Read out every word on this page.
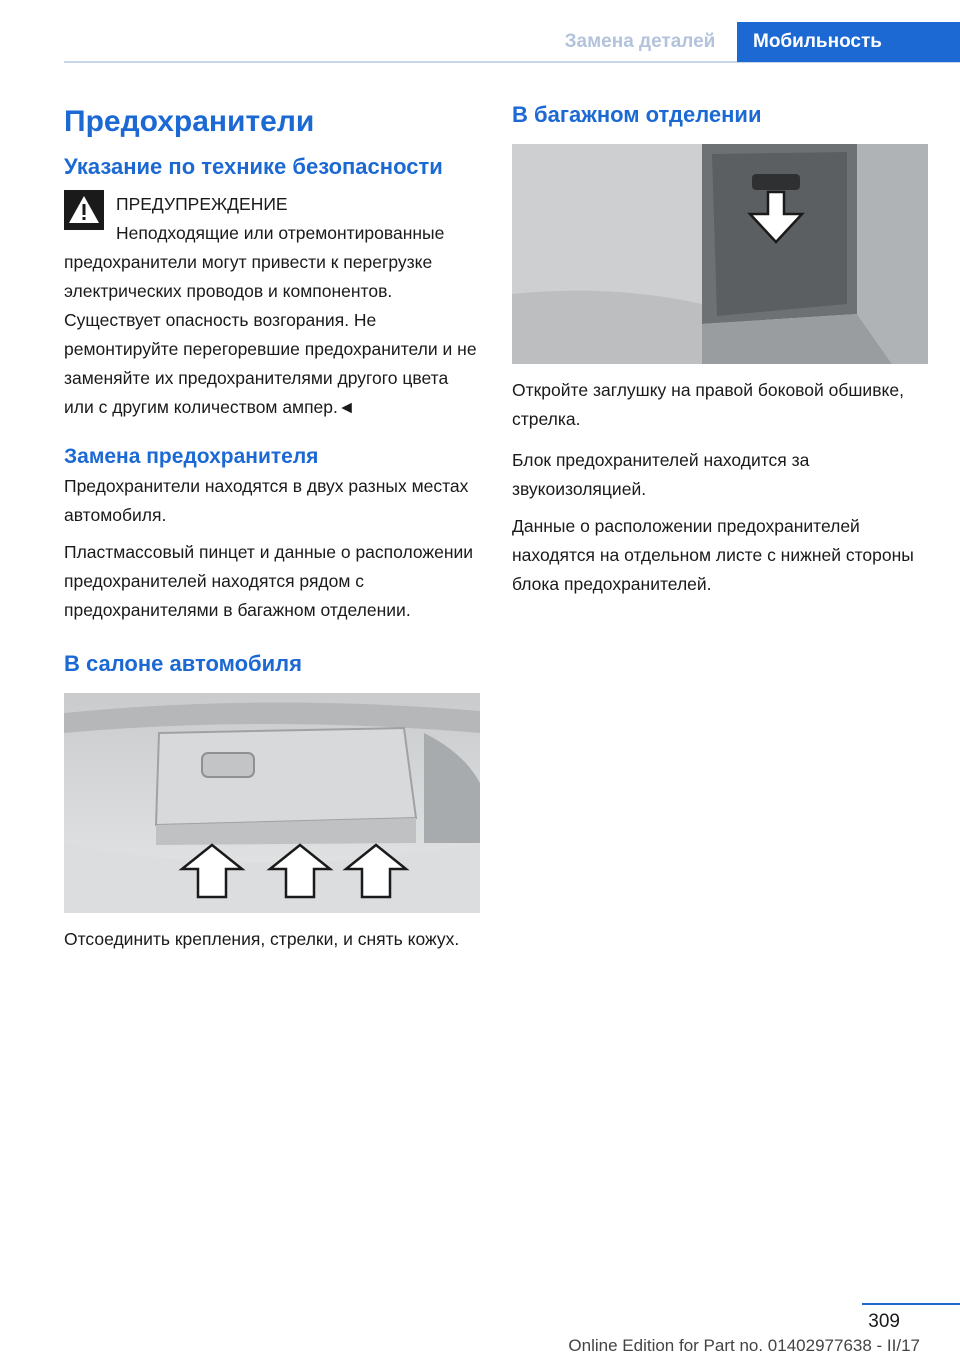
Замена деталей	Мобильность
Предохранители
Указание по технике безопасности
ПРЕДУПРЕЖДЕНИЕ

Неподходящие или отремонтированные предохранители могут привести к перегрузке электрических проводов и компонентов. Существует опасность возгорания. Не ремонтируйте перегоревшие предохранители и не заменяйте их предохранителями другого цвета или с другим количеством ампер.◄

Замена предохранителя

Предохранители находятся в двух разных местах автомобиля.

Пластмассовый пинцет и данные о расположении предохранителей находятся рядом с предохранителями в багажном отделении.

В салоне автомобиля

Отсоединить крепления, стрелки, и снять кожух.

В багажном отделении

Откройте заглушку на правой боковой обшивке, стрелка.

Блок предохранителей находится за звукоизоляцией.

Данные о расположении предохранителей находятся на отдельном листе с нижней стороны блока предохранителей.

309
Online Edition for Part no. 01402977638 - II/17
